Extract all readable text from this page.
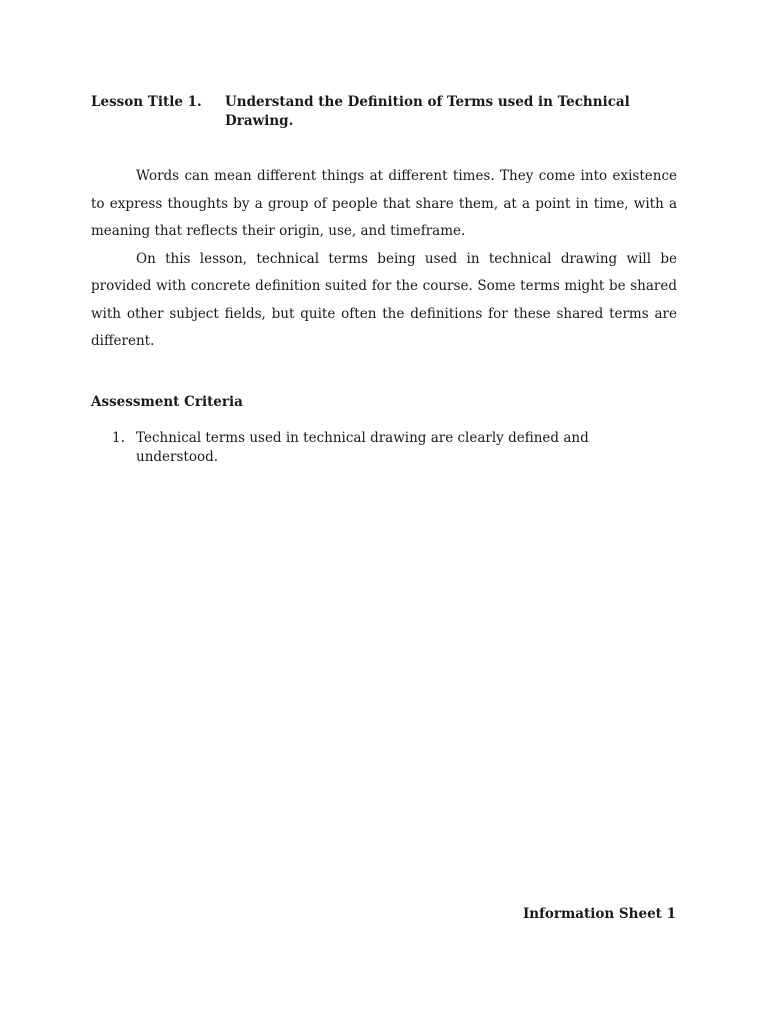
Lesson Title 1.	Understand the Definition of Terms used in Technical Drawing.

Words can mean different things at different times. They come into existence to express thoughts by a group of people that share them, at a point in time, with a meaning that reflects their origin, use, and timeframe.

On this lesson, technical terms being used in technical drawing will be provided with concrete definition suited for the course. Some terms might be shared with other subject fields, but quite often the definitions for these shared terms are different.

Assessment Criteria
1. Technical terms used in technical drawing are clearly defined and understood.
Information Sheet 1
